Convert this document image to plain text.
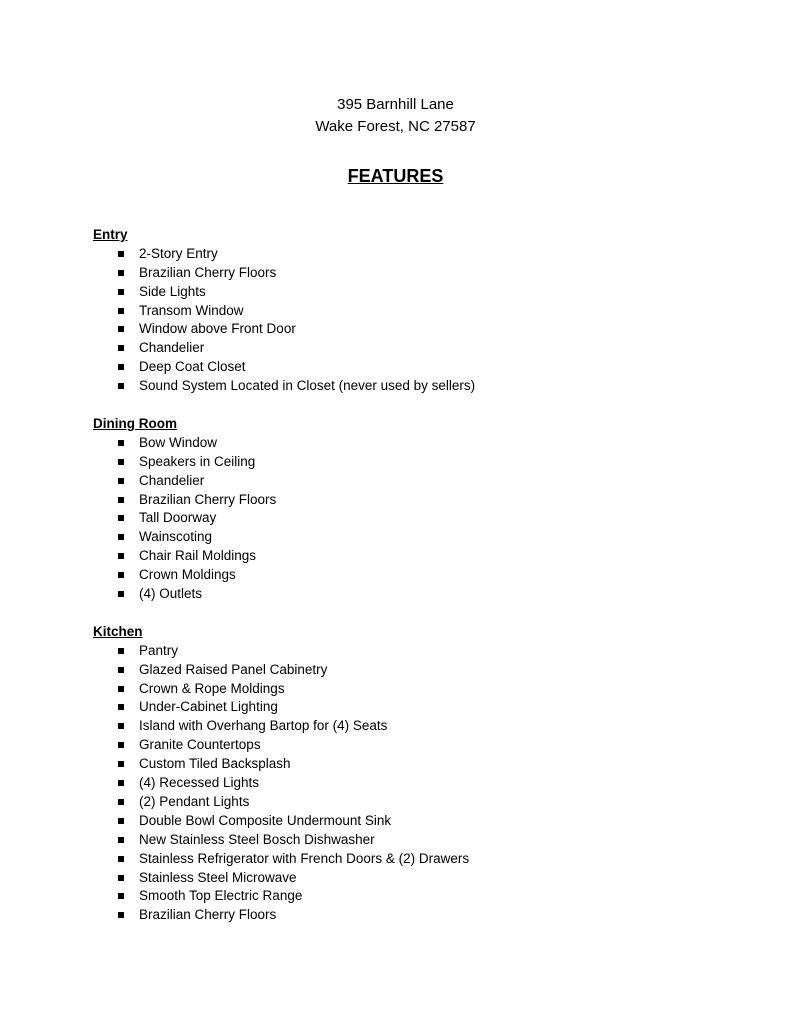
395 Barnhill Lane
Wake Forest, NC 27587
FEATURES
Entry
2-Story Entry
Brazilian Cherry Floors
Side Lights
Transom Window
Window above Front Door
Chandelier
Deep Coat Closet
Sound System Located in Closet (never used by sellers)
Dining Room
Bow Window
Speakers in Ceiling
Chandelier
Brazilian Cherry Floors
Tall Doorway
Wainscoting
Chair Rail Moldings
Crown Moldings
(4) Outlets
Kitchen
Pantry
Glazed Raised Panel Cabinetry
Crown & Rope Moldings
Under-Cabinet Lighting
Island with Overhang Bartop for (4) Seats
Granite Countertops
Custom Tiled Backsplash
(4) Recessed Lights
(2) Pendant Lights
Double Bowl Composite Undermount Sink
New Stainless Steel Bosch Dishwasher
Stainless Refrigerator with French Doors & (2) Drawers
Stainless Steel Microwave
Smooth Top Electric Range
Brazilian Cherry Floors
